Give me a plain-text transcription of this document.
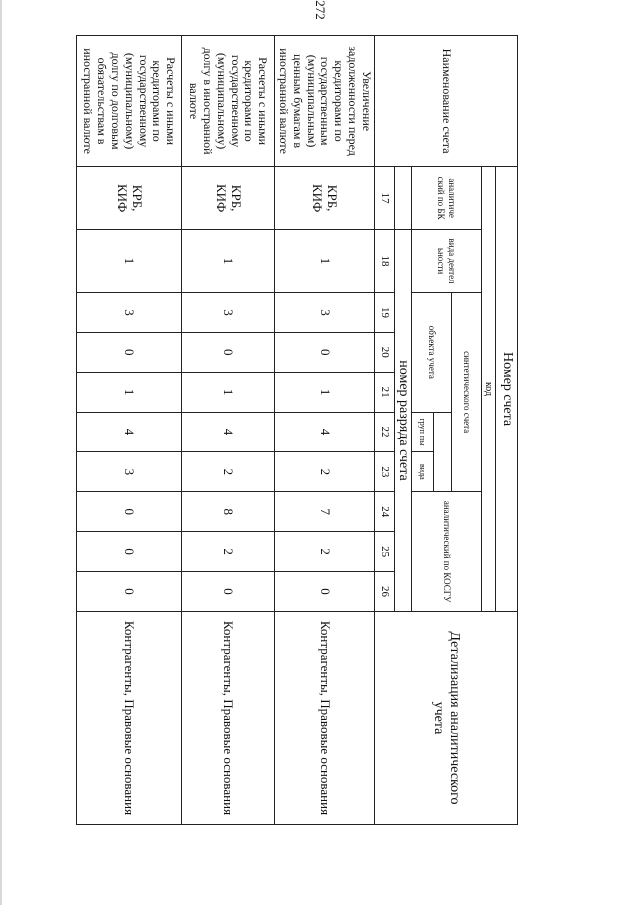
272
Наименование счета	Номер счета										Детализация аналитического учета
	код										
	аналитиче ский по БК	вида деятел ьности	синтетического счета					аналитический по КОСГУ			
			объекта учета								
						груп пы	вида				
		номер разряда счета									
	17	18	19	20	21	22	23	24	25	26	
Увеличение задолженности перед кредиторами по государственным (муниципальным) ценным бумагам в иностранной валюте	КРБ, КИФ	1	3	0	1	4	2	7	2	0	Контрагенты, Правовые основания
Расчеты с иными кредиторами по государственному (муниципальному) долгу в иностранной валюте	КРБ, КИФ	1	3	0	1	4	2	8	2	0	Контрагенты, Правовые основания
Расчеты с иными кредиторами по государственному (муниципальному) долгу по долговым обязательствам в иностранной валюте	КРБ, КИФ	1	3	0	1	4	3	0	0	0	Контрагенты, Правовые основания
